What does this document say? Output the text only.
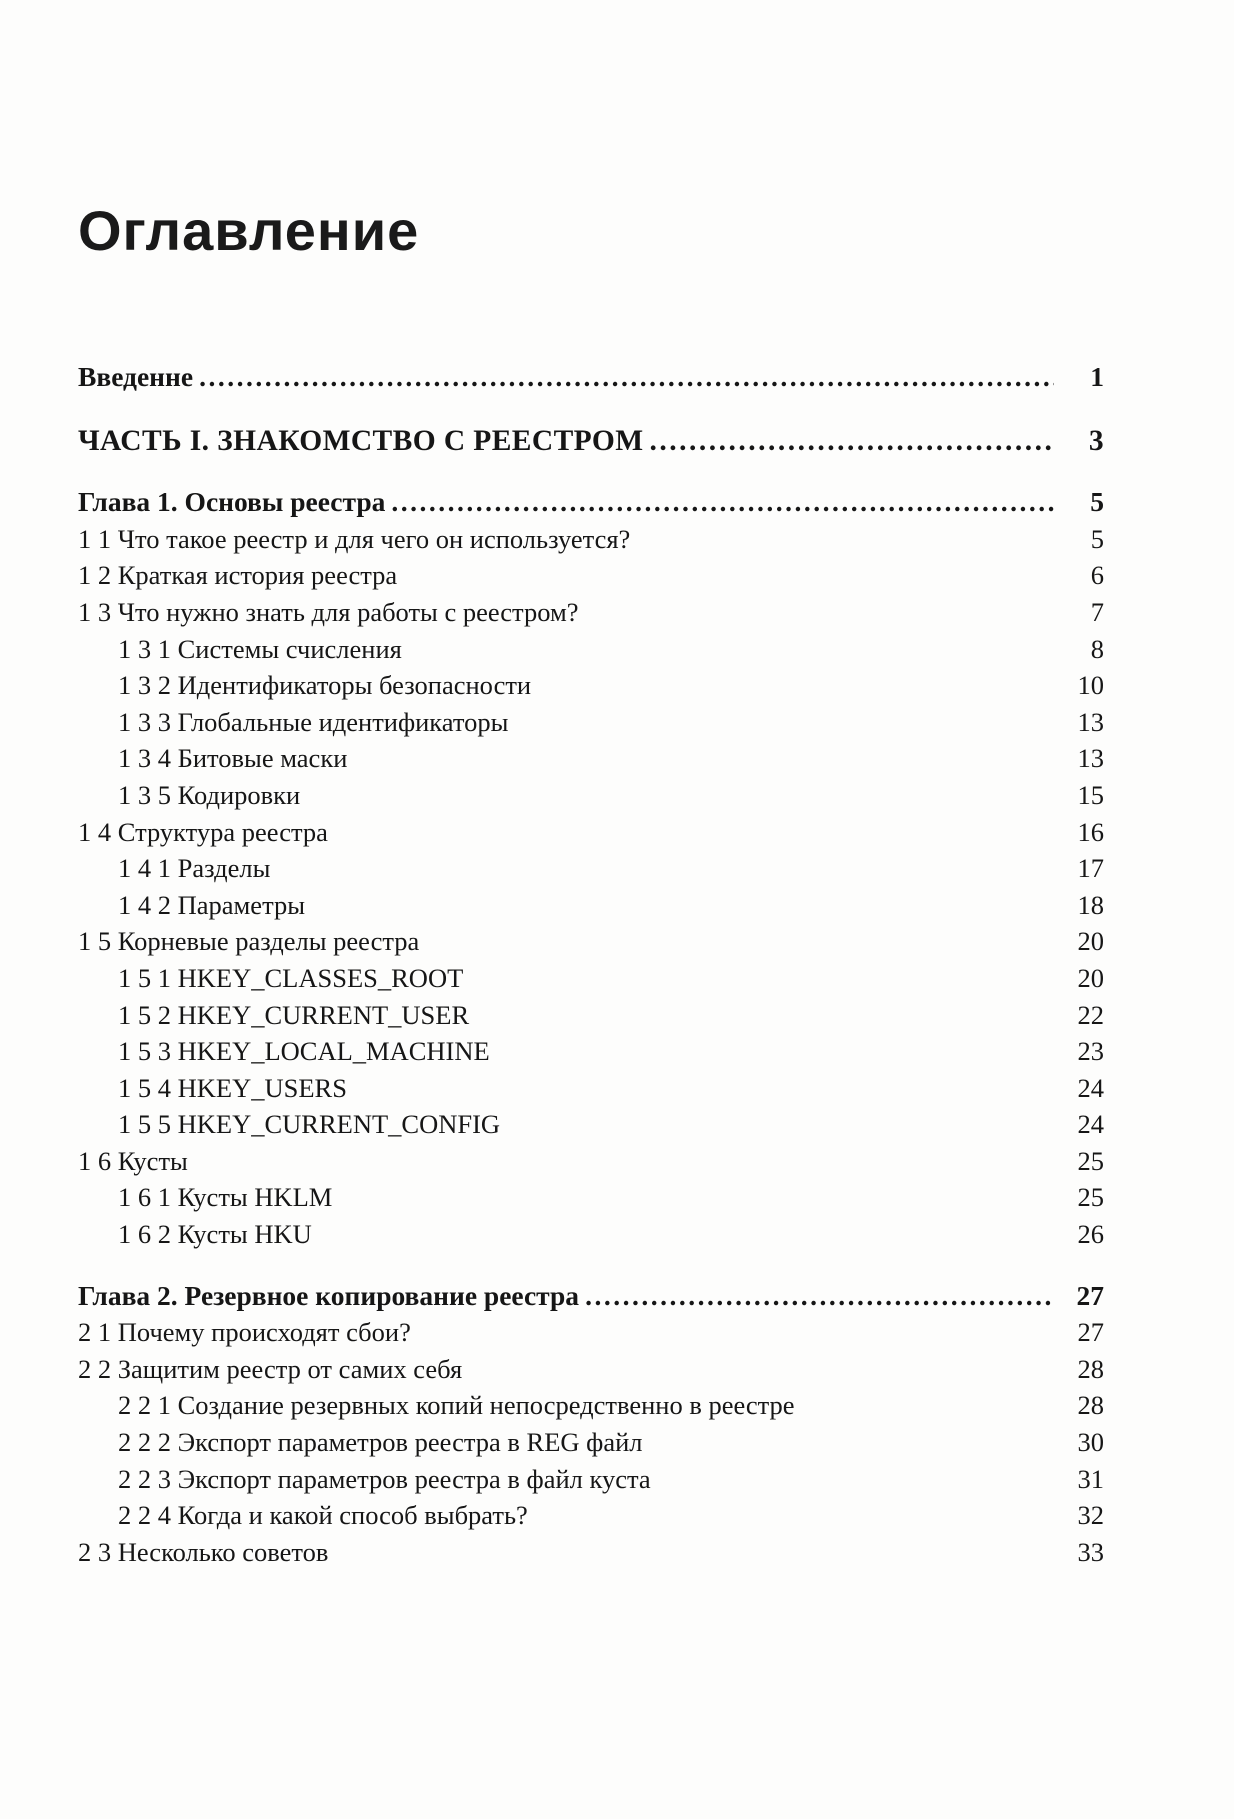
Оглавление
Введенне .....	1
ЧАСТЬ I. ЗНАКОМСТВО С РЕЕСТРОМ .....	3
Глава 1. Основы реестра .....	5
1 1 Что такое реестр и для чего он используется?	5
1 2 Краткая история реестра	6
1 3 Что нужно знать для работы с реестром?	7
1 3 1 Системы счисления	8
1 3 2 Идентификаторы безопасности	10
1 3 3 Глобальные идентификаторы	13
1 3 4 Битовые маски	13
1 3 5 Кодировки	15
1 4 Структура реестра	16
1 4 1 Разделы	17
1 4 2 Параметры	18
1 5 Корневые разделы реестра	20
1 5 1 HKEY_CLASSES_ROOT	20
1 5 2 HKEY_CURRENT_USER	22
1 5 3 HKEY_LOCAL_MACHINE	23
1 5 4 HKEY_USERS	24
1 5 5 HKEY_CURRENT_CONFIG	24
1 6 Кусты	25
1 6 1 Кусты HKLM	25
1 6 2 Кусты HKU	26
Глава 2. Резервное копирование реестра .....	27
2 1 Почему происходят сбои?	27
2 2 Защитим реестр от самих себя	28
2 2 1 Создание резервных копий непосредственно в реестре	28
2 2 2 Экспорт параметров реестра в REG файл	30
2 2 3 Экспорт параметров реестра в файл куста	31
2 2 4 Когда и какой способ выбрать?	32
2 3 Несколько советов	33
